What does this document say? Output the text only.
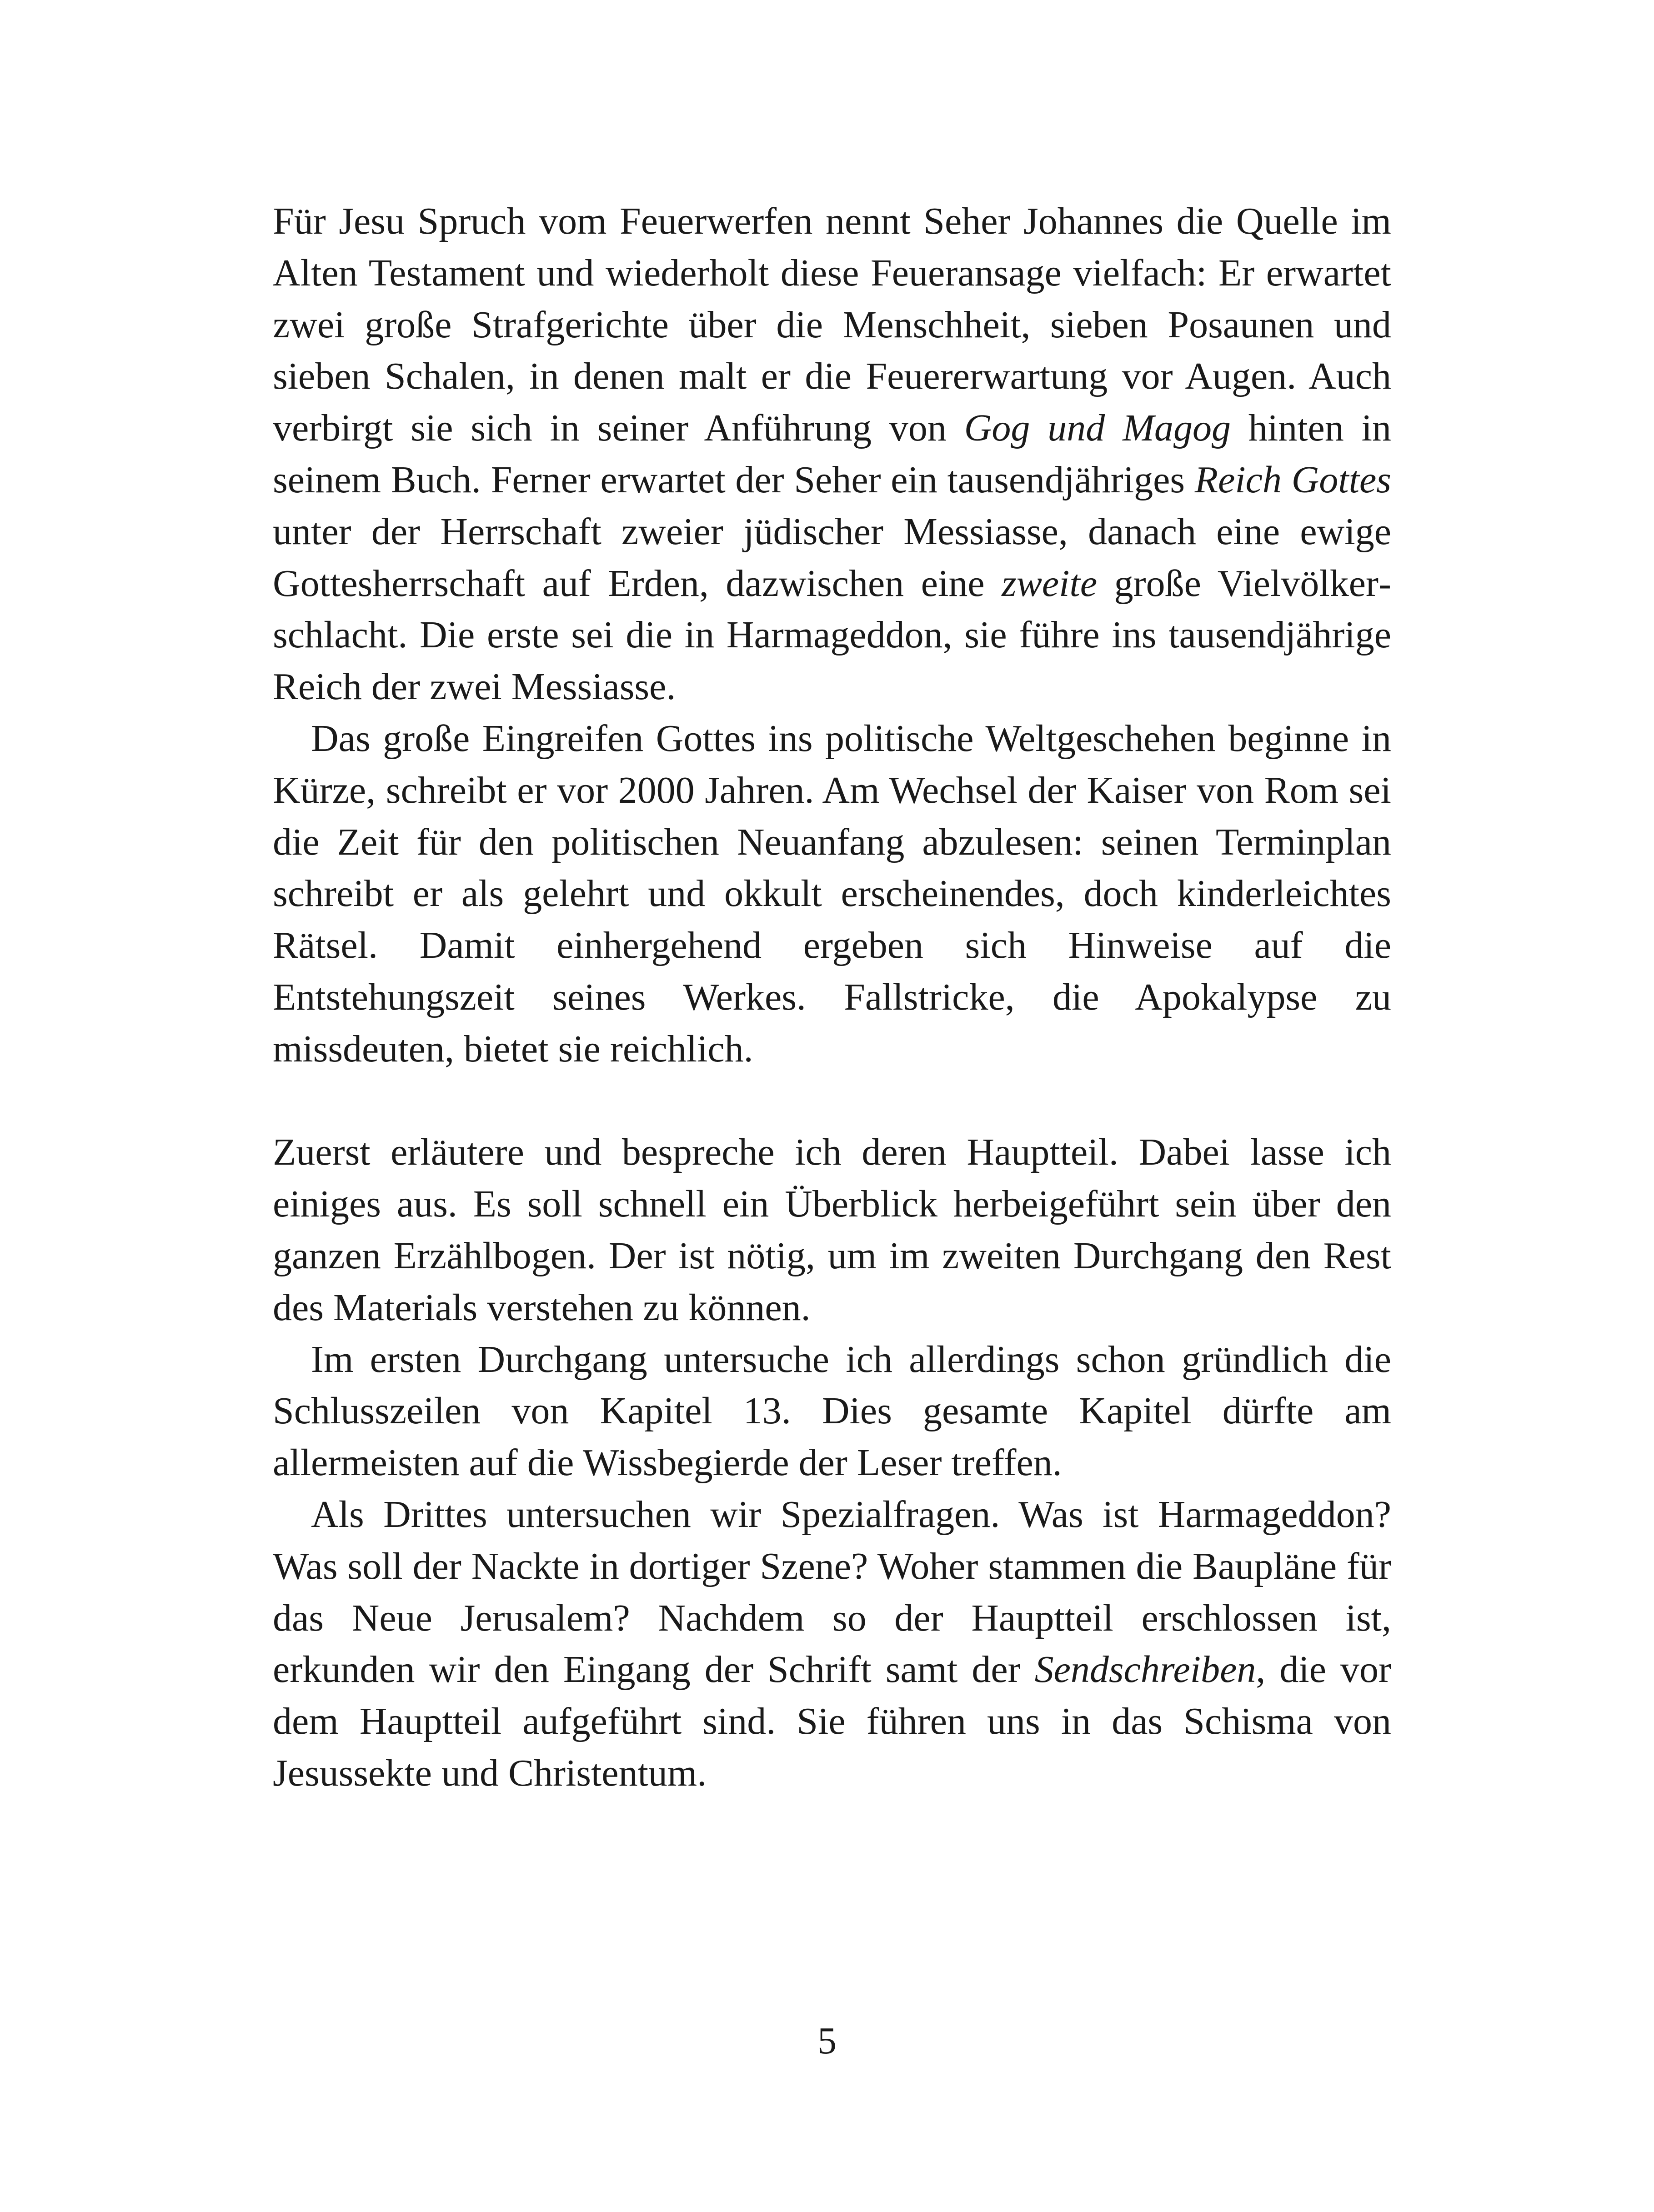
Für Jesu Spruch vom Feuerwerfen nennt Seher Johannes die Quelle im Alten Testament und wiederholt diese Feueransage vielfach: Er erwartet zwei große Strafgerichte über die Menschheit, sieben Posaunen und sieben Schalen, in denen malt er die Feuererwartung vor Augen. Auch verbirgt sie sich in seiner Anführung von Gog und Magog hinten in seinem Buch. Ferner erwartet der Seher ein tausendjähriges Reich Gottes unter der Herrschaft zweier jüdischer Messiasse, danach eine ewige Gottesherrschaft auf Erden, dazwischen eine zweite große Vielvölkerschlacht. Die erste sei die in Harmageddon, sie führe ins tausendjährige Reich der zwei Messiasse.

Das große Eingreifen Gottes ins politische Weltgeschehen beginne in Kürze, schreibt er vor 2000 Jahren. Am Wechsel der Kaiser von Rom sei die Zeit für den politischen Neuanfang abzulesen: seinen Terminplan schreibt er als gelehrt und okkult erscheinendes, doch kinderleichtes Rätsel. Damit einhergehend ergeben sich Hinweise auf die Entstehungszeit seines Werkes. Fallstricke, die Apokalypse zu missdeuten, bietet sie reichlich.

Zuerst erläutere und bespreche ich deren Hauptteil. Dabei lasse ich einiges aus. Es soll schnell ein Überblick herbeigeführt sein über den ganzen Erzählbogen. Der ist nötig, um im zweiten Durchgang den Rest des Materials verstehen zu können.

Im ersten Durchgang untersuche ich allerdings schon gründlich die Schlusszeilen von Kapitel 13. Dies gesamte Kapitel dürfte am allermeisten auf die Wissbegierde der Leser treffen.

Als Drittes untersuchen wir Spezialfragen. Was ist Harmageddon? Was soll der Nackte in dortiger Szene? Woher stammen die Baupläne für das Neue Jerusalem? Nachdem so der Hauptteil erschlossen ist, erkunden wir den Eingang der Schrift samt der Sendschreiben, die vor dem Hauptteil aufgeführt sind. Sie führen uns in das Schisma von Jesussekte und Christentum.

5
